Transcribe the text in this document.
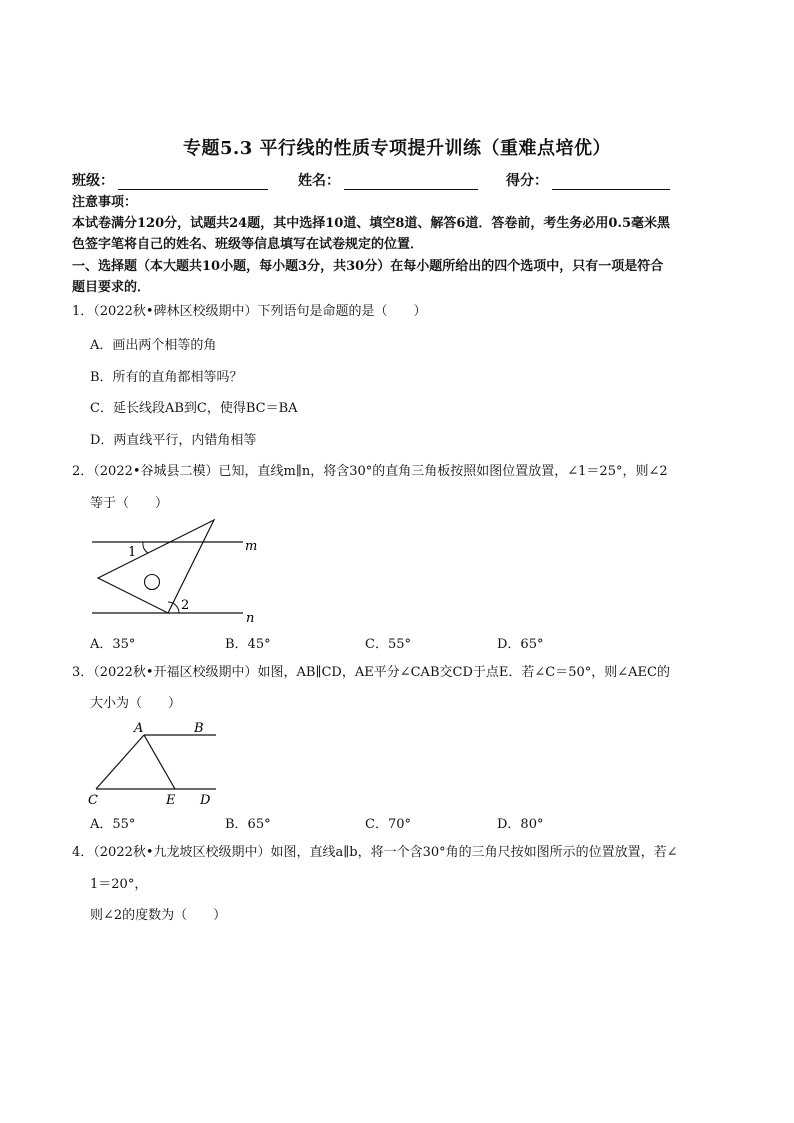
专题5.3 平行线的性质专项提升训练（重难点培优）
班级：	姓名：	得分：
注意事项：
本试卷满分120分，试题共24题，其中选择10道、填空8道、解答6道．答卷前，考生务必用0.5毫米黑
色签字笔将自己的姓名、班级等信息填写在试卷规定的位置．
一、选择题（本大题共10小题，每小题3分，共30分）在每小题所给出的四个选项中，只有一项是符合
题目要求的．
1．（2022秋•碑林区校级期中）下列语句是命题的是（　　）
A．画出两个相等的角
B．所有的直角都相等吗？
C．延长线段AB到C，使得BC＝BA
D．两直线平行，内错角相等
2．（2022•谷城县二模）已知，直线m∥n，将含30°的直角三角板按照如图位置放置，∠1＝25°，则∠2
等于（　　）
1
2
m
n
A．35°	B．45°	C．55°	D．65°
3．（2022秋•开福区校级期中）如图，AB∥CD，AE平分∠CAB交CD于点E．若∠C＝50°，则∠AEC的
大小为（　　）
A	B
C	E D
A．55°	B．65°	C．70°	D．80°
4．（2022秋•九龙坡区校级期中）如图，直线a∥b，将一个含30°角的三角尺按如图所示的位置放置，若∠
1＝20°，
则∠2的度数为（　　）
